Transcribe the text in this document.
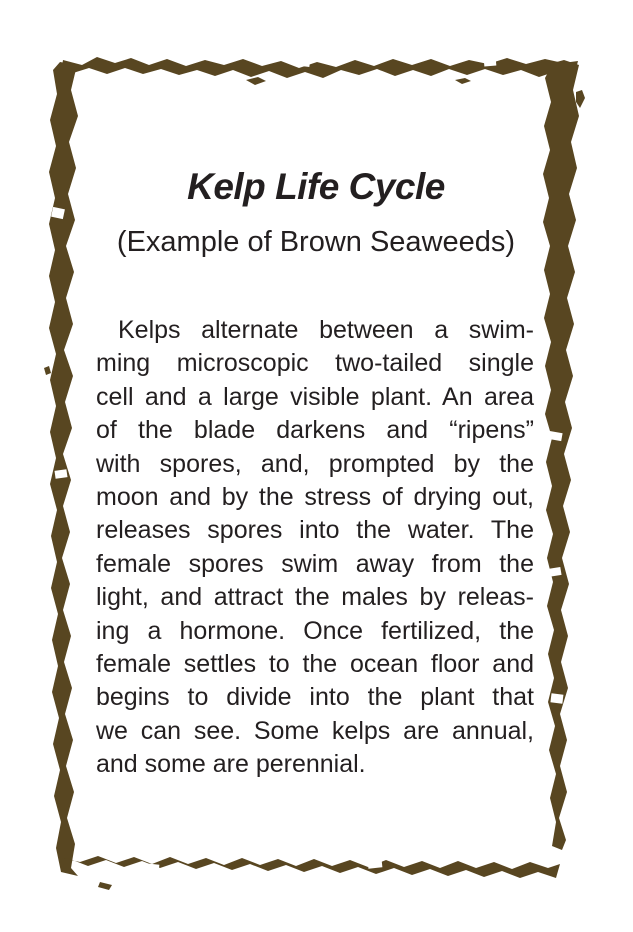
Kelp Life Cycle
(Example of Brown Seaweeds)
Kelps alternate between a swim-
ming microscopic two-tailed single
cell and a large visible plant. An area
of the blade darkens and “ripens”
with spores, and, prompted by the
moon and by the stress of drying out,
releases spores into the water. The
female spores swim away from the
light, and attract the males by releas-
ing a hormone. Once fertilized, the
female settles to the ocean floor and
begins to divide into the plant that
we can see. Some kelps are annual,
and some are perennial.
